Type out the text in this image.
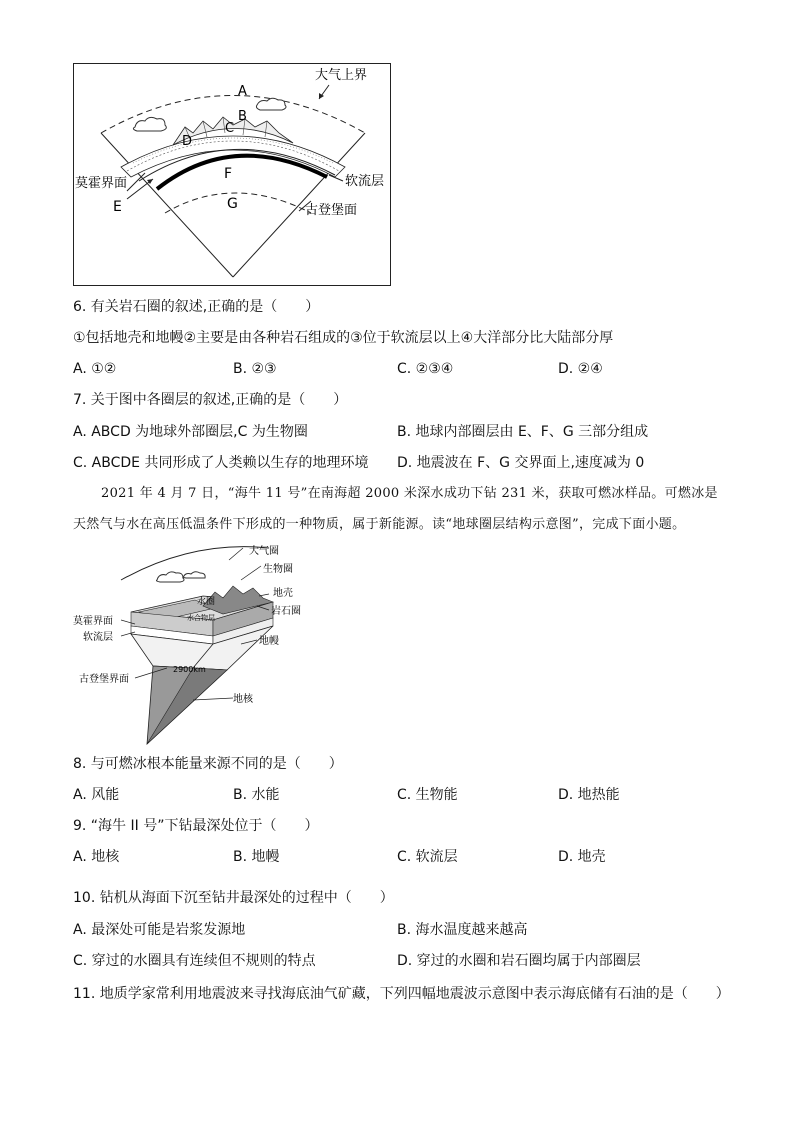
大气上界
A
B
C
D
F
莫霍界面
E
软流层
G	古登堡面
6. 有关岩石圈的叙述,正确的是（　　）
①包括地壳和地幔②主要是由各种岩石组成的③位于软流层以上④大洋部分比大陆部分厚
A. ①②	B. ②③	C. ②③④	D. ②④
7. 关于图中各圈层的叙述,正确的是（　　）
A. ABCD 为地球外部圈层,C 为生物圈	B. 地球内部圈层由 E、F、G 三部分组成
C. ABCDE 共同形成了人类赖以生存的地理环境 D. 地震波在 F、G 交界面上,速度减为 0
2021 年 4 月 7 日，“海牛 11 号”在南海超 2000 米深水成功下钻 231 米，获取可燃冰样品。可燃冰是天然气与水在高压低温条件下形成的一种物质，属于新能源。读“地球圈层结构示意图”，完成下面小题。
大气圈
生物圈
水圈
地壳
岩石圈
水合物层
莫霍界面
软流层	地幔
2900km
古登堡界面
地核
8. 与可燃冰根本能量来源不同的是（　　）
A. 风能	B. 水能	C. 生物能	D. 地热能
9. “海牛 II 号”下钻最深处位于（　　）
A. 地核	B. 地幔	C. 软流层	D. 地壳
10. 钻机从海面下沉至钻井最深处的过程中（　　）
A. 最深处可能是岩浆发源地	B. 海水温度越来越高
C. 穿过的水圈具有连续但不规则的特点	D. 穿过的水圈和岩石圈均属于内部圈层
11. 地质学家常利用地震波来寻找海底油气矿藏，下列四幅地震波示意图中表示海底储有石油的是（　　）
